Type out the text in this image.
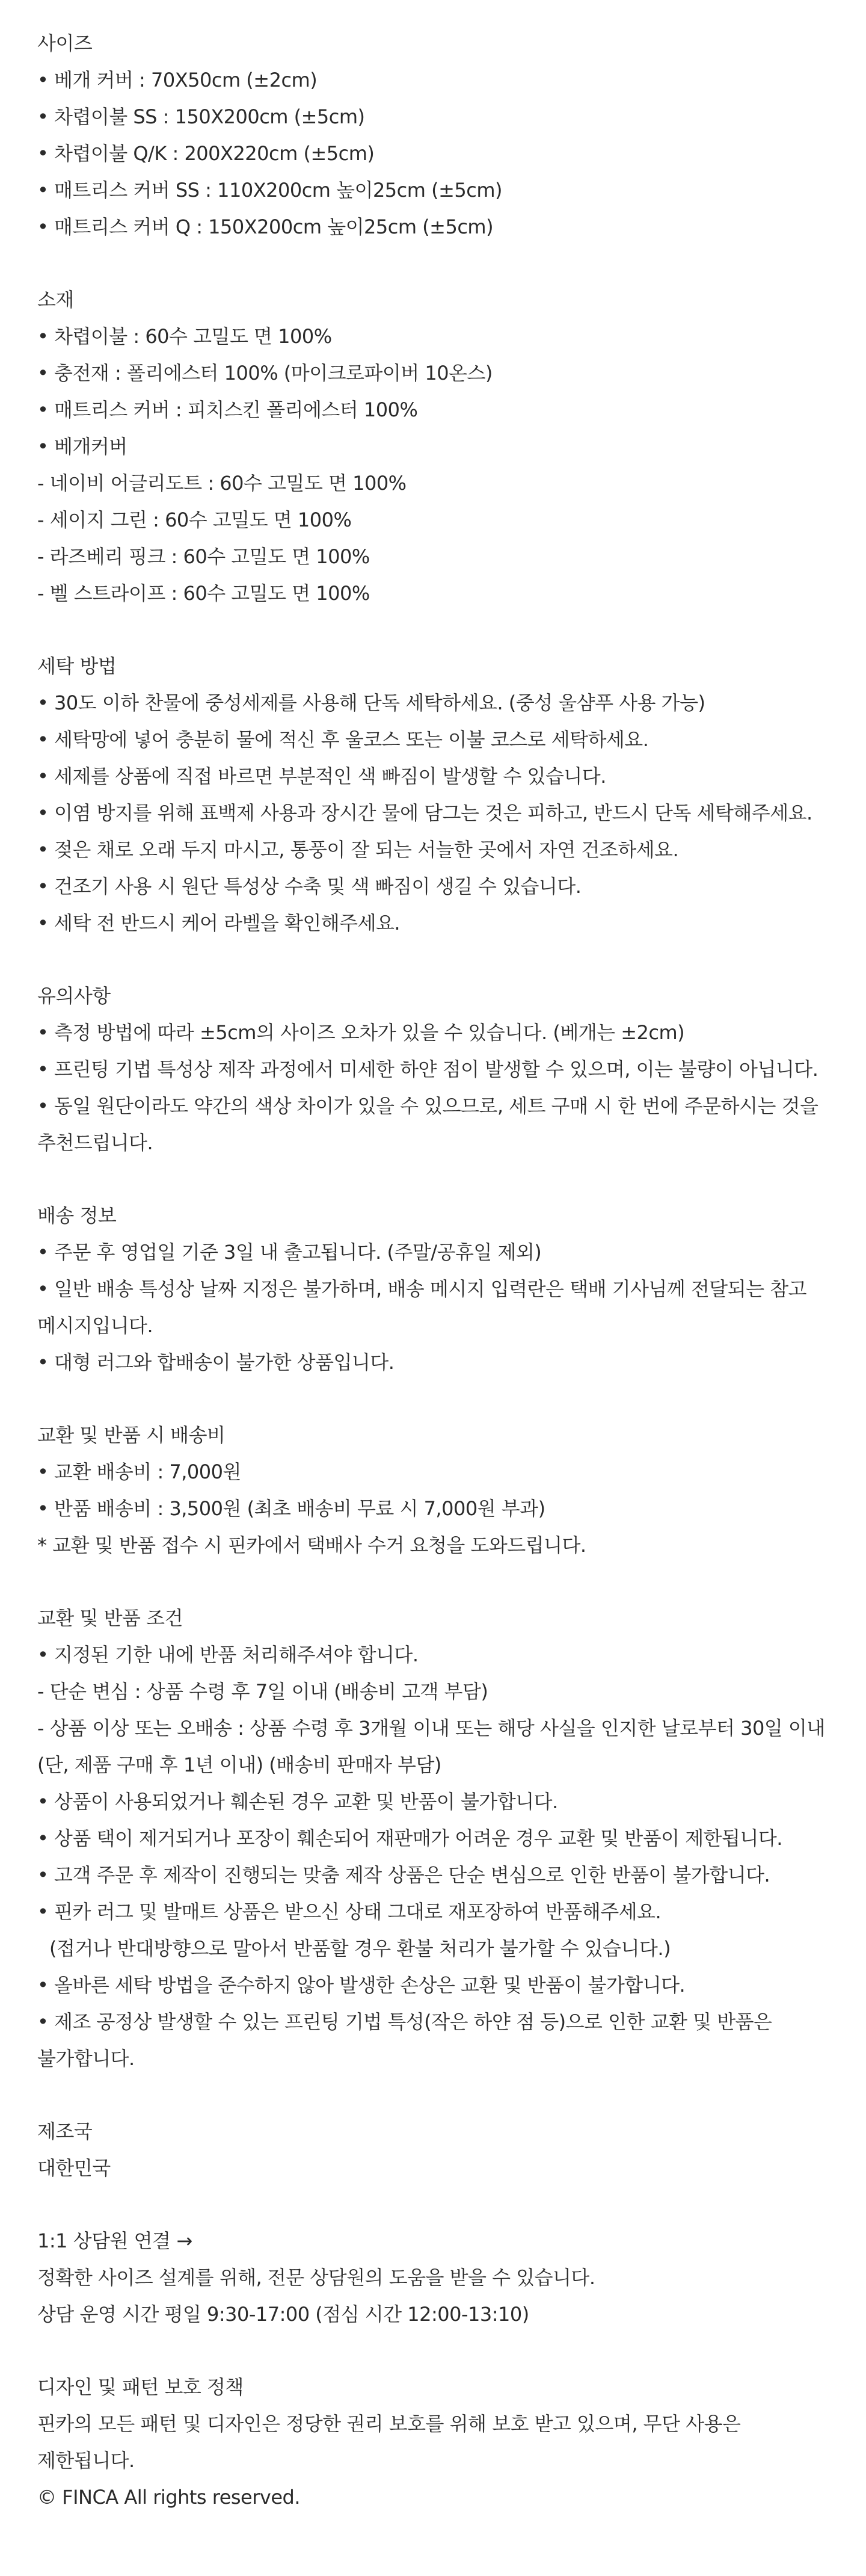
사이즈

• 베개 커버 : 70X50cm (±2cm)

• 차렵이불 SS : 150X200cm (±5cm)

• 차렵이불 Q/K : 200X220cm (±5cm)

• 매트리스 커버 SS : 110X200cm 높이25cm (±5cm)

• 매트리스 커버 Q : 150X200cm 높이25cm (±5cm)

소재

• 차렵이불 : 60수 고밀도 면 100%

• 충전재 : 폴리에스터 100% (마이크로파이버 10온스)

• 매트리스 커버 : 피치스킨 폴리에스터 100%

• 베개커버

- 네이비 어글리도트 : 60수 고밀도 면 100%

- 세이지 그린 : 60수 고밀도 면 100%

- 라즈베리 핑크 : 60수 고밀도 면 100%

- 벨 스트라이프 : 60수 고밀도 면 100%

세탁 방법

• 30도 이하 찬물에 중성세제를 사용해 단독 세탁하세요. (중성 울샴푸 사용 가능)

• 세탁망에 넣어 충분히 물에 적신 후 울코스 또는 이불 코스로 세탁하세요.

• 세제를 상품에 직접 바르면 부분적인 색 빠짐이 발생할 수 있습니다.

• 이염 방지를 위해 표백제 사용과 장시간 물에 담그는 것은 피하고, 반드시 단독 세탁해주세요.

• 젖은 채로 오래 두지 마시고, 통풍이 잘 되는 서늘한 곳에서 자연 건조하세요.

• 건조기 사용 시 원단 특성상 수축 및 색 빠짐이 생길 수 있습니다.

• 세탁 전 반드시 케어 라벨을 확인해주세요.

유의사항

• 측정 방법에 따라 ±5cm의 사이즈 오차가 있을 수 있습니다. (베개는 ±2cm)

• 프린팅 기법 특성상 제작 과정에서 미세한 하얀 점이 발생할 수 있으며, 이는 불량이 아닙니다.

• 동일 원단이라도 약간의 색상 차이가 있을 수 있으므로, 세트 구매 시 한 번에 주문하시는 것을 추천드립니다.

배송 정보

• 주문 후 영업일 기준 3일 내 출고됩니다. (주말/공휴일 제외)

• 일반 배송 특성상 날짜 지정은 불가하며, 배송 메시지 입력란은 택배 기사님께 전달되는 참고 메시지입니다.

• 대형 러그와 합배송이 불가한 상품입니다.

교환 및 반품 시 배송비

• 교환 배송비 : 7,000원

• 반품 배송비 : 3,500원 (최초 배송비 무료 시 7,000원 부과)

* 교환 및 반품 접수 시 핀카에서 택배사 수거 요청을 도와드립니다.

교환 및 반품 조건

• 지정된 기한 내에 반품 처리해주셔야 합니다.

- 단순 변심 : 상품 수령 후 7일 이내 (배송비 고객 부담)

- 상품 이상 또는 오배송 : 상품 수령 후 3개월 이내 또는 해당 사실을 인지한 날로부터 30일 이내 (단, 제품 구매 후 1년 이내) (배송비 판매자 부담)

• 상품이 사용되었거나 훼손된 경우 교환 및 반품이 불가합니다.

• 상품 택이 제거되거나 포장이 훼손되어 재판매가 어려운 경우 교환 및 반품이 제한됩니다.

• 고객 주문 후 제작이 진행되는 맞춤 제작 상품은 단순 변심으로 인한 반품이 불가합니다.

• 핀카 러그 및 발매트 상품은 받으신 상태 그대로 재포장하여 반품해주세요.

(접거나 반대방향으로 말아서 반품할 경우 환불 처리가 불가할 수 있습니다.)

• 올바른 세탁 방법을 준수하지 않아 발생한 손상은 교환 및 반품이 불가합니다.

• 제조 공정상 발생할 수 있는 프린팅 기법 특성(작은 하얀 점 등)으로 인한 교환 및 반품은 불가합니다.

제조국

대한민국

1:1 상담원 연결 →

정확한 사이즈 설계를 위해, 전문 상담원의 도움을 받을 수 있습니다.

상담 운영 시간 평일 9:30-17:00 (점심 시간 12:00-13:10)

디자인 및 패턴 보호 정책

핀카의 모든 패턴 및 디자인은 정당한 권리 보호를 위해 보호 받고 있으며, 무단 사용은 제한됩니다.

© FINCA All rights reserved.
